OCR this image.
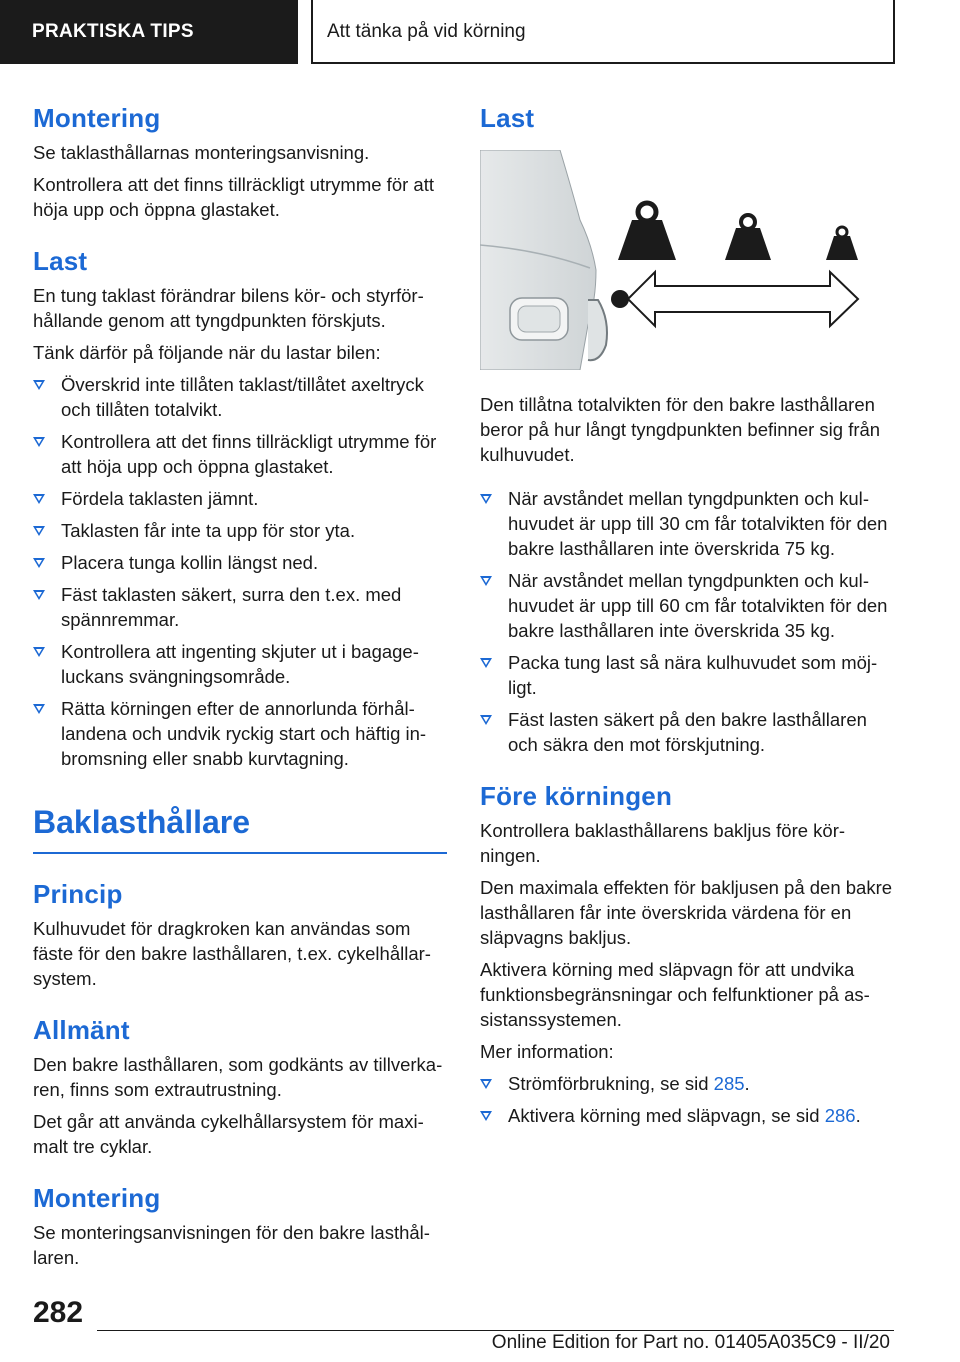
PRAKTISKA TIPS	Att tänka på vid körning
Montering

Se taklasthållarnas monteringsanvisning.

Kontrollera att det finns tillräckligt utrymme för att höja upp och öppna glastaket.

Last

En tung taklast förändrar bilens kör- och styrförhållande genom att tyngdpunkten förskjuts.

Tänk därför på följande när du lastar bilen:

Överskrid inte tillåten taklast/tillåtet axeltryck och tillåten totalvikt.
Kontrollera att det finns tillräckligt utrymme för att höja upp och öppna glastaket.
Fördela taklasten jämnt.
Taklasten får inte ta upp för stor yta.
Placera tunga kollin längst ned.
Fäst taklasten säkert, surra den t.ex. med spännremmar.
Kontrollera att ingenting skjuter ut i bagageluckans svängningsområde.
Rätta körningen efter de annorlunda förhållandena och undvik ryckig start och häftig inbromsning eller snabb kurvtagning.
Baklasthållare
Princip

Kulhuvudet för dragkroken kan användas som fäste för den bakre lasthållaren, t.ex. cykelhållarsystem.

Allmänt

Den bakre lasthållaren, som godkänts av tillverkaren, finns som extrautrustning.

Det går att använda cykelhållarsystem för maximalt tre cyklar.

Montering

Se monteringsanvisningen för den bakre lasthållaren.

Last

Den tillåtna totalvikten för den bakre lasthållaren beror på hur långt tyngdpunkten befinner sig från kulhuvudet.

När avståndet mellan tyngdpunkten och kulhuvudet är upp till 30 cm får totalvikten för den bakre lasthållaren inte överskrida 75 kg.
När avståndet mellan tyngdpunkten och kulhuvudet är upp till 60 cm får totalvikten för den bakre lasthållaren inte överskrida 35 kg.
Packa tung last så nära kulhuvudet som möjligt.
Fäst lasten säkert på den bakre lasthållaren och säkra den mot förskjutning.
Före körningen

Kontrollera baklasthållarens bakljus före körningen.

Den maximala effekten för bakljusen på den bakre lasthållaren får inte överskrida värdena för en släpvagns bakljus.

Aktivera körning med släpvagn för att undvika funktionsbegränsningar och felfunktioner på assistanssystemen.

Mer information:

Strömförbrukning, se sid 285.
Aktivera körning med släpvagn, se sid 286.
282
Online Edition for Part no. 01405A035C9 - II/20
